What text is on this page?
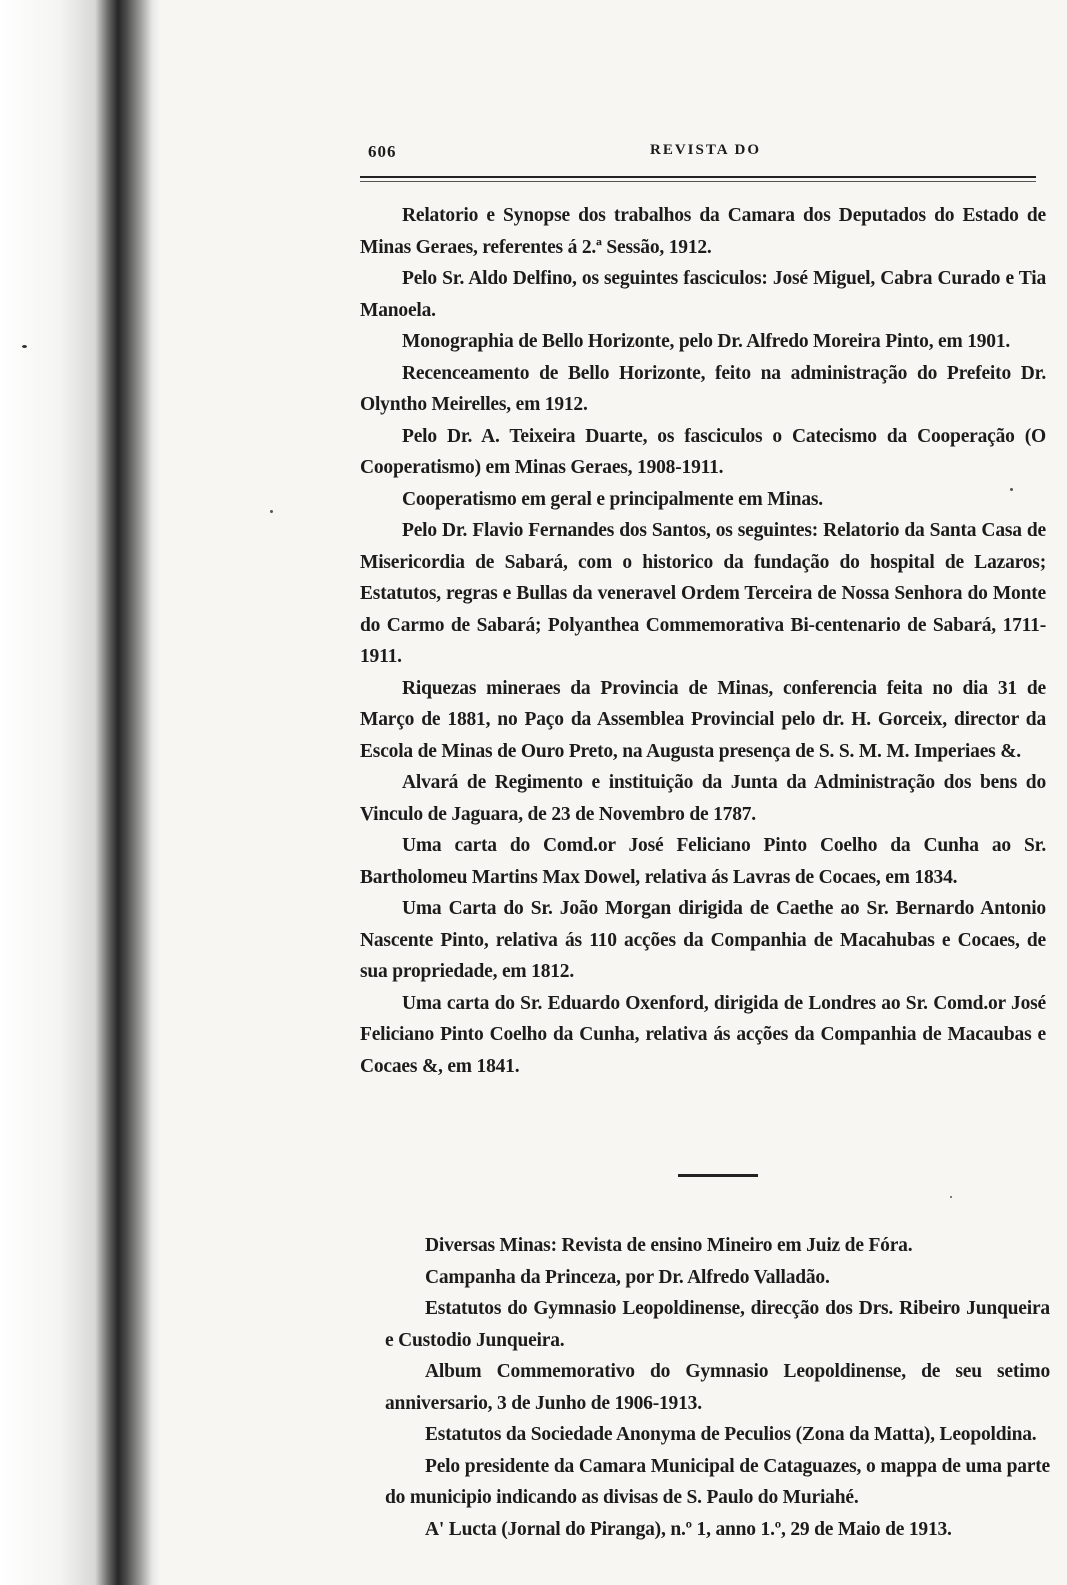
606	REVISTA DO

Relatorio e Synopse dos trabalhos da Camara dos Deputados do Estado de Minas Geraes, referentes á 2.ª Sessão, 1912.

Pelo Sr. Aldo Delfino, os seguintes fasciculos: José Miguel, Cabra Curado e Tia Manoela.

Monographia de Bello Horizonte, pelo Dr. Alfredo Moreira Pinto, em 1901.

Recenceamento de Bello Horizonte, feito na administração do Prefeito Dr. Olyntho Meirelles, em 1912.

Pelo Dr. A. Teixeira Duarte, os fasciculos o Catecismo da Cooperação (O Cooperatismo) em Minas Geraes, 1908-1911.

Cooperatismo em geral e principalmente em Minas.

Pelo Dr. Flavio Fernandes dos Santos, os seguintes: Relatorio da Santa Casa de Misericordia de Sabará, com o historico da fundação do hospital de Lazaros; Estatutos, regras e Bullas da veneravel Ordem Terceira de Nossa Senhora do Monte do Carmo de Sabará; Polyanthea Commemorativa Bi-centenario de Sabará, 1711-1911.

Riquezas mineraes da Provincia de Minas, conferencia feita no dia 31 de Março de 1881, no Paço da Assemblea Provincial pelo dr. H. Gorceix, director da Escola de Minas de Ouro Preto, na Augusta presença de S. S. M. M. Imperiaes &.

Alvará de Regimento e instituição da Junta da Administração dos bens do Vinculo de Jaguara, de 23 de Novembro de 1787.

Uma carta do Comd.or José Feliciano Pinto Coelho da Cunha ao Sr. Bartholomeu Martins Max Dowel, relativa ás Lavras de Cocaes, em 1834.

Uma Carta do Sr. João Morgan dirigida de Caethe ao Sr. Bernardo Antonio Nascente Pinto, relativa ás 110 acções da Companhia de Macahubas e Cocaes, de sua propriedade, em 1812.

Uma carta do Sr. Eduardo Oxenford, dirigida de Londres ao Sr. Comd.or José Feliciano Pinto Coelho da Cunha, relativa ás acções da Companhia de Macaubas e Cocaes &, em 1841.

Diversas Minas: Revista de ensino Mineiro em Juiz de Fóra.

Campanha da Princeza, por Dr. Alfredo Valladão.

Estatutos do Gymnasio Leopoldinense, direcção dos Drs. Ribeiro Junqueira e Custodio Junqueira.

Album Commemorativo do Gymnasio Leopoldinense, de seu setimo anniversario, 3 de Junho de 1906-1913.

Estatutos da Sociedade Anonyma de Peculios (Zona da Matta), Leopoldina.

Pelo presidente da Camara Municipal de Cataguazes, o mappa de uma parte do municipio indicando as divisas de S. Paulo do Muriahé.

A' Lucta (Jornal do Piranga), n.º 1, anno 1.º, 29 de Maio de 1913.
